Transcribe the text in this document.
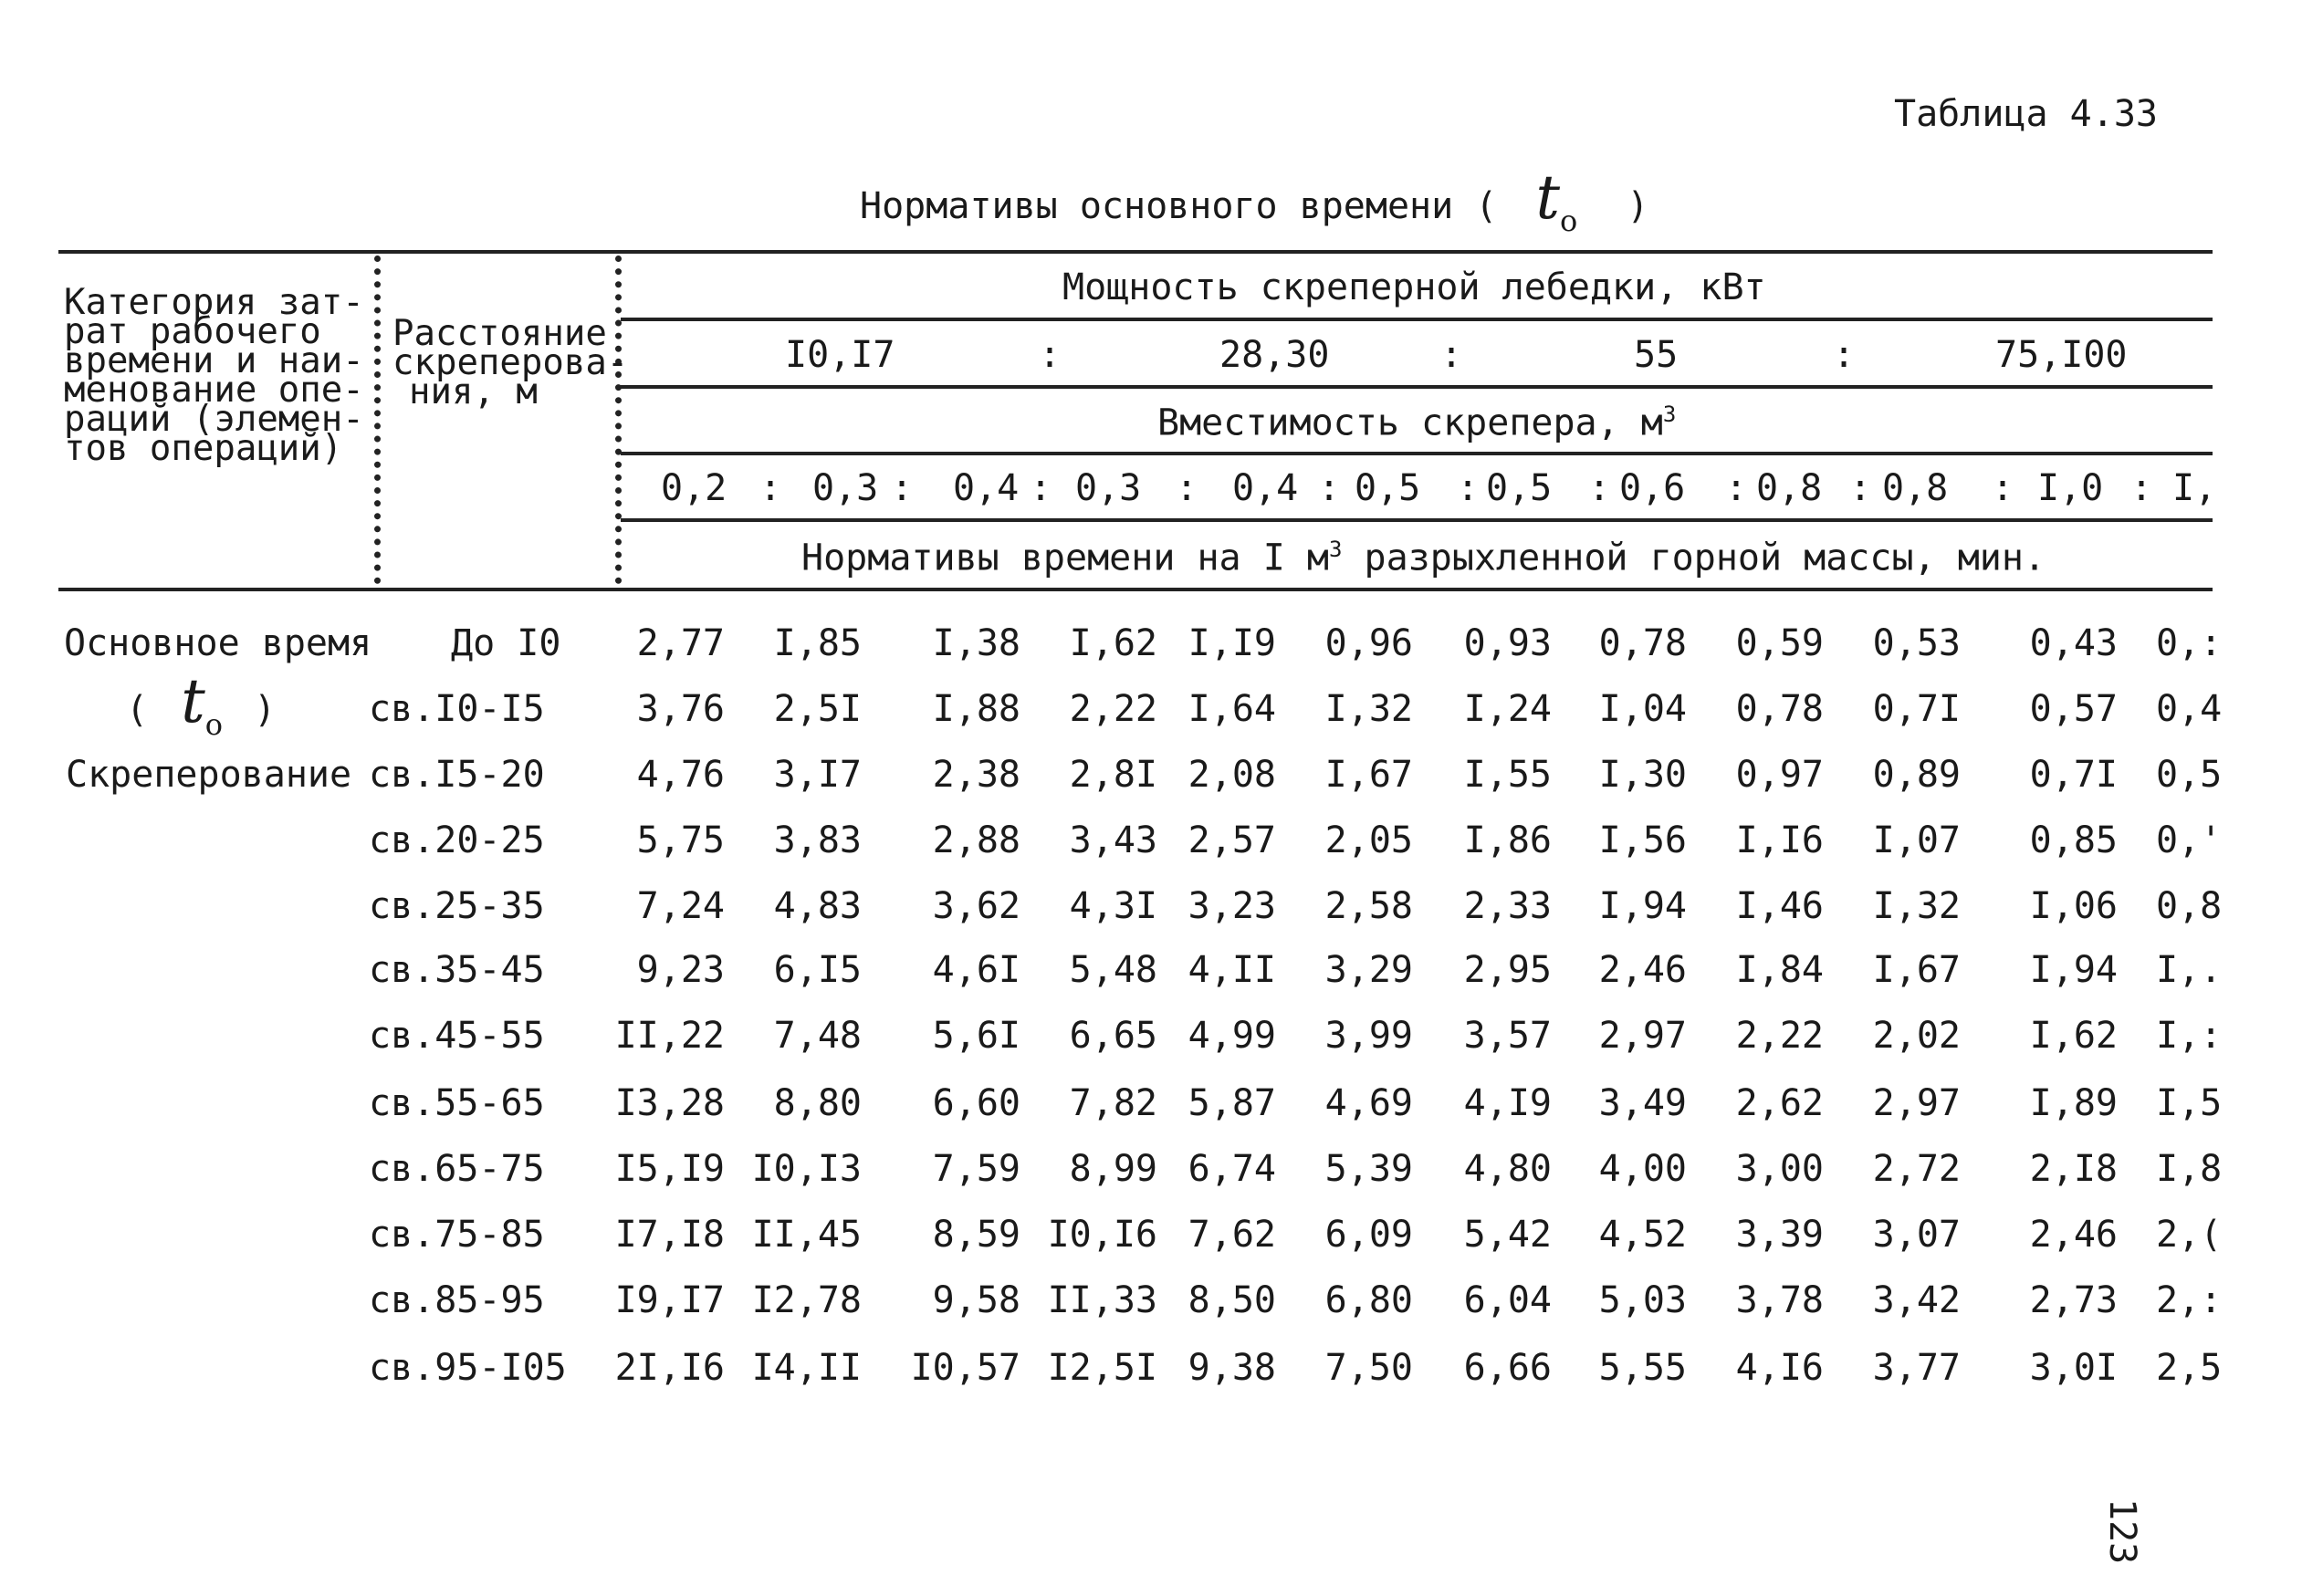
Таблица 4.33
Нормативы основного времени ( $t_о$ )
Категория зат-
рат рабочего
времени и наи-
менование опе-
раций (элемен-
тов операций)
Расстояние
скреперова-
ния, м
Мощность скреперной лебедки, кВт
I0,I7	:	28,30	:	55	:	75,I00
Вместимость скрепера, $м^3$
0,2 0,3 0,4 0,3 0,4 0,5 0,5 0,6 0,8 0,8 I,0 I,
:	:	:	:	:	:	:	:	:	:	:
Нормативы времени на I $м^3$ разрыхленной горной массы, мин.
Основное время
( $t_о$ )
Скреперование
До I0	2,77	I,85	I,38	I,62 I,I9	0,96	0,93	0,78	0,59	0,53	0,43 0,:
св.I0-I5	3,76	2,5I	I,88	2,22 I,64	I,32	I,24	I,04	0,78	0,7I	0,57 0,4
св.I5-20	4,76	3,I7	2,38	2,8I 2,08	I,67	I,55	I,30	0,97	0,89	0,7I 0,5
св.20-25	5,75	3,83	2,88	3,43 2,57	2,05	I,86	I,56	I,I6	I,07	0,85 0,'
св.25-35	7,24	4,83	3,62	4,3I 3,23	2,58	2,33	I,94	I,46	I,32	I,06 0,8
св.35-45	9,23	6,I5	4,6I	5,48 4,II	3,29	2,95	2,46	I,84	I,67	I,94 I,.
св.45-55	II,22	7,48	5,6I	6,65 4,99	3,99	3,57	2,97	2,22	2,02	I,62 I,:
св.55-65	I3,28	8,80	6,60	7,82 5,87	4,69	4,I9	3,49	2,62	2,97	I,89 I,5
св.65-75	I5,I9 I0,I3	7,59	8,99 6,74	5,39	4,80	4,00	3,00	2,72	2,I8 I,8
св.75-85	I7,I8 II,45	8,59 I0,I6 7,62	6,09	5,42	4,52	3,39	3,07	2,46 2,(
св.85-95	I9,I7 I2,78	9,58 II,33 8,50	6,80	6,04	5,03	3,78	3,42	2,73 2,:
св.95-I05	2I,I6 I4,II	I0,57 I2,5I 9,38	7,50	6,66	5,55	4,I6	3,77	3,0I 2,5
123
